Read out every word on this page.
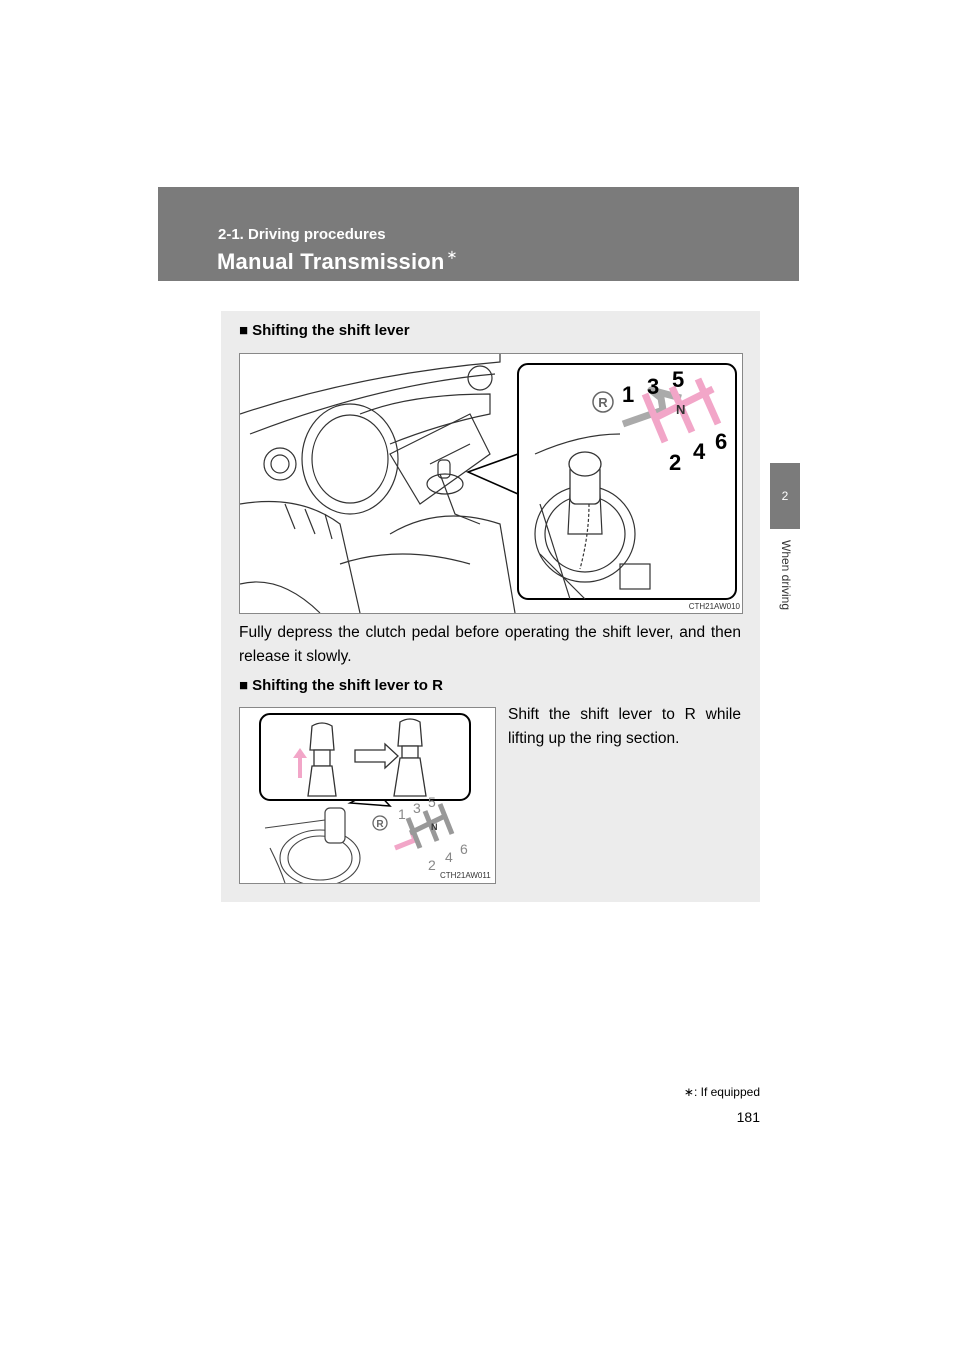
2-1. Driving procedures
Manual Transmission ∗
2
When driving
■ Shifting the shift lever
R	N
1 3 5
2 4 6
CTH21AW010
Fully depress the clutch pedal before operating the shift lever, and then release it slowly.
■ Shifting the shift lever to R
R	N
1 3 5
2 4 6
CTH21AW011
Shift the shift lever to R while lifting up the ring section.
∗: If equipped
181
